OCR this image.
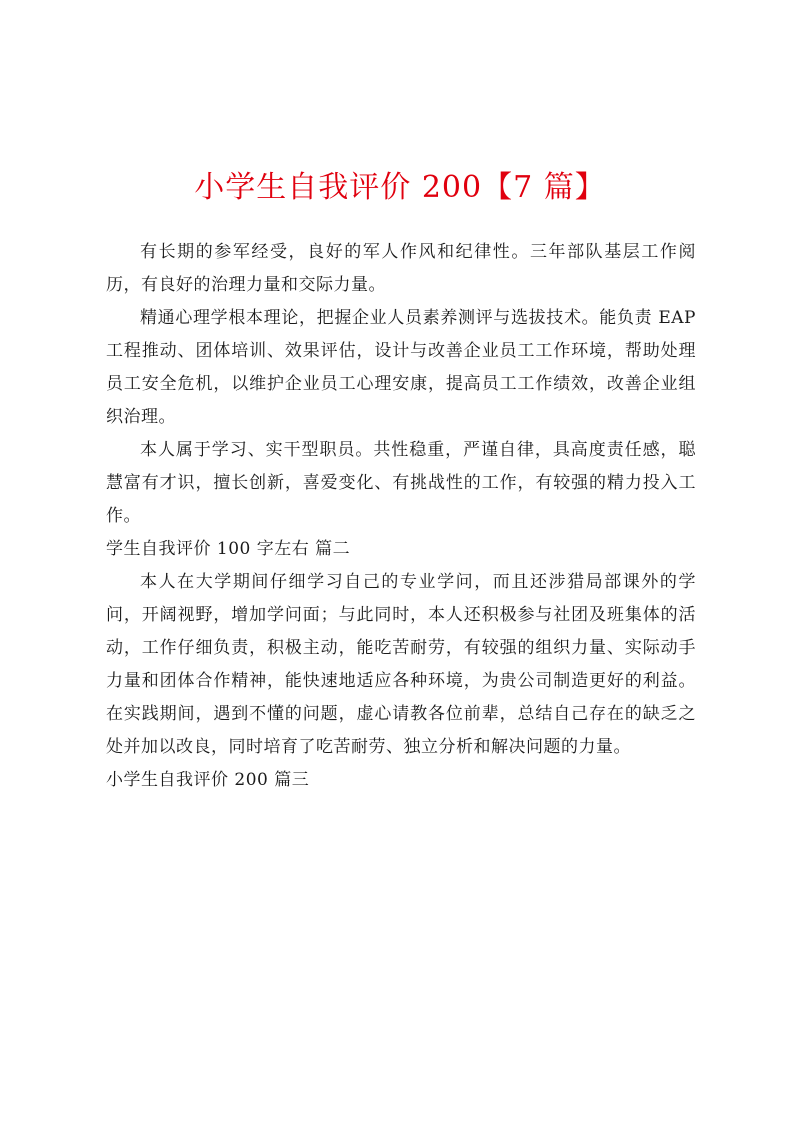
小学生自我评价 200【7 篇】

有长期的参军经受，良好的军人作风和纪律性。三年部队基层工作阅历，有良好的治理力量和交际力量。

精通心理学根本理论，把握企业人员素养测评与选拔技术。能负责 EAP 工程推动、团体培训、效果评估，设计与改善企业员工工作环境，帮助处理员工安全危机，以维护企业员工心理安康，提高员工工作绩效，改善企业组织治理。

本人属于学习、实干型职员。共性稳重，严谨自律，具高度责任感，聪慧富有才识，擅长创新，喜爱变化、有挑战性的工作，有较强的精力投入工作。

学生自我评价 100 字左右 篇二

本人在大学期间仔细学习自己的专业学问，而且还涉猎局部课外的学问，开阔视野，增加学问面；与此同时，本人还积极参与社团及班集体的活动，工作仔细负责，积极主动，能吃苦耐劳，有较强的组织力量、实际动手力量和团体合作精神，能快速地适应各种环境，为贵公司制造更好的利益。在实践期间，遇到不懂的问题，虚心请教各位前辈，总结自己存在的缺乏之处并加以改良，同时培育了吃苦耐劳、独立分析和解决问题的力量。

小学生自我评价 200 篇三
